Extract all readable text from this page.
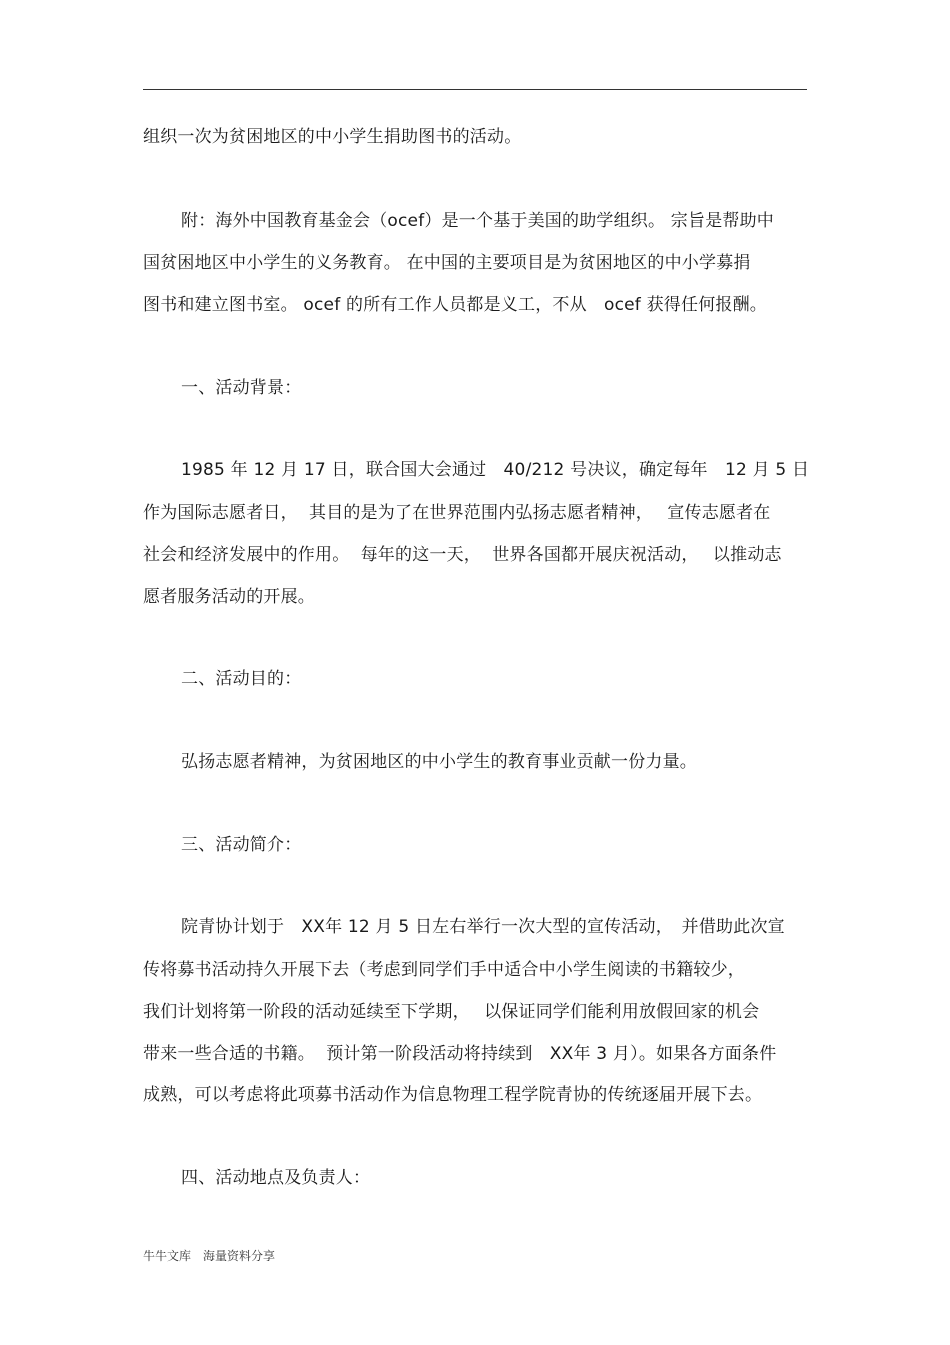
组织一次为贫困地区的中小学生捐助图书的活动。
附：海外中国教育基金会（ocef）是一个基于美国的助学组织。 宗旨是帮助中
国贫困地区中小学生的义务教育。 在中国的主要项目是为贫困地区的中小学募捐
图书和建立图书室。 ocef 的所有工作人员都是义工，不从　ocef 获得任何报酬。
一、活动背景：
1985 年 12 月 17 日，联合国大会通过　40/212 号决议，确定每年　12 月 5 日
作为国际志愿者日，  其目的是为了在世界范围内弘扬志愿者精神，　 宣传志愿者在
社会和经济发展中的作用。  每年的这一天，  世界各国都开展庆祝活动，　 以推动志
愿者服务活动的开展。
二、活动目的：
弘扬志愿者精神，为贫困地区的中小学生的教育事业贡献一份力量。
三、活动简介：
院青协计划于　XX年 12 月 5 日左右举行一次大型的宣传活动，　并借助此次宣
传将募书活动持久开展下去（考虑到同学们手中适合中小学生阅读的书籍较少，
我们计划将第一阶段的活动延续至下学期，　 以保证同学们能利用放假回家的机会
带来一些合适的书籍。  预计第一阶段活动将持续到　XX年 3 月）。如果各方面条件
成熟，可以考虑将此项募书活动作为信息物理工程学院青协的传统逐届开展下去。
四、活动地点及负责人：
牛牛文库　海量资料分享
